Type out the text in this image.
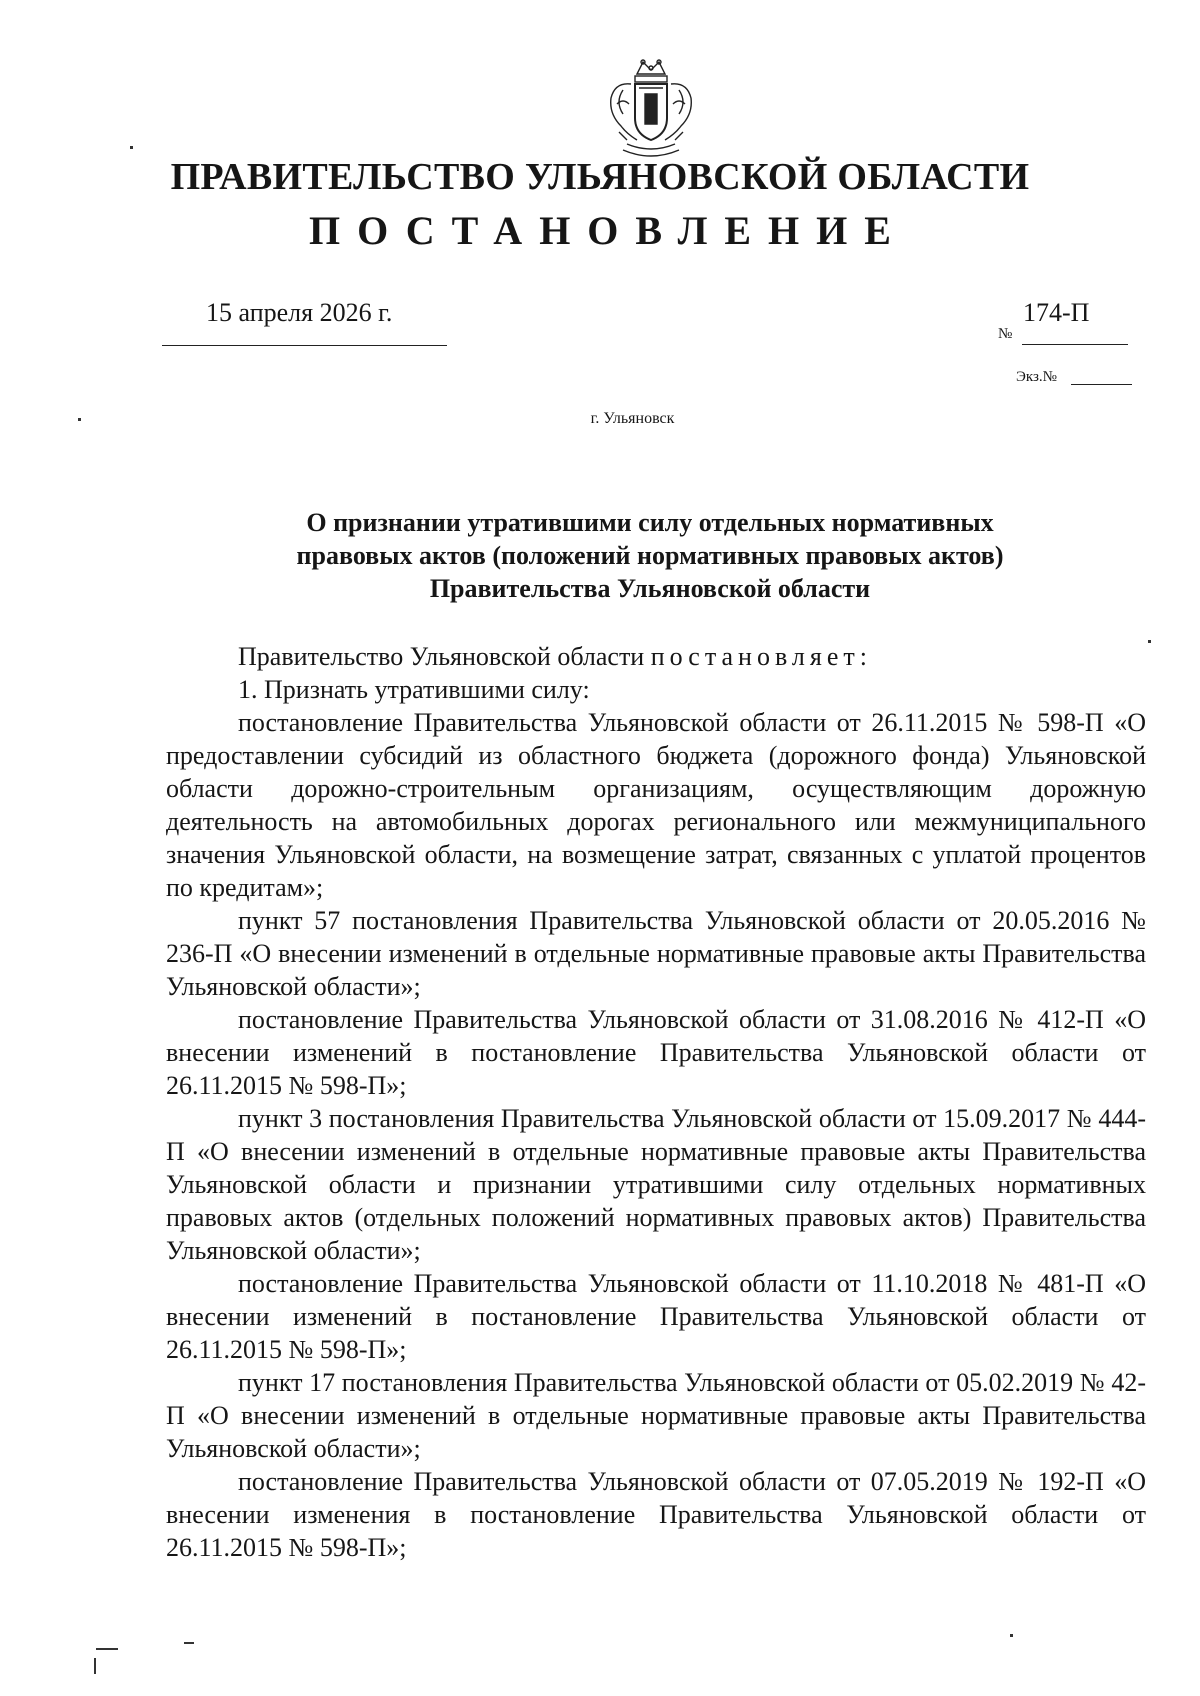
ПРАВИТЕЛЬСТВО УЛЬЯНОВСКОЙ ОБЛАСТИ
ПОСТАНОВЛЕНИЕ
15 апреля 2026 г.	174-П
№
Экз.№
г. Ульяновск
О признании утратившими силу отдельных нормативных
правовых актов (положений нормативных правовых актов)
Правительства Ульяновской области

Правительство Ульяновской области постановляет:

1. Признать утратившими силу:

постановление Правительства Ульяновской области от 26.11.2015 № 598-П «О предоставлении субсидий из областного бюджета (дорожного фонда) Ульяновской области дорожно-строительным организациям, осуществляющим дорожную деятельность на автомобильных дорогах регионального или межмуниципального значения Ульяновской области, на возмещение затрат, связанных с уплатой процентов по кредитам»;

пункт 57 постановления Правительства Ульяновской области от 20.05.2016 № 236-П «О внесении изменений в отдельные нормативные правовые акты Правительства Ульяновской области»;

постановление Правительства Ульяновской области от 31.08.2016 № 412-П «О внесении изменений в постановление Правительства Ульяновской области от 26.11.2015 № 598-П»;

пункт 3 постановления Правительства Ульяновской области от 15.09.2017 № 444-П «О внесении изменений в отдельные нормативные правовые акты Правительства Ульяновской области и признании утратившими силу отдельных нормативных правовых актов (отдельных положений нормативных правовых актов) Правительства Ульяновской области»;

постановление Правительства Ульяновской области от 11.10.2018 № 481-П «О внесении изменений в постановление Правительства Ульяновской области от 26.11.2015 № 598-П»;

пункт 17 постановления Правительства Ульяновской области от 05.02.2019 № 42-П «О внесении изменений в отдельные нормативные правовые акты Правительства Ульяновской области»;

постановление Правительства Ульяновской области от 07.05.2019 № 192-П «О внесении изменения в постановление Правительства Ульяновской области от 26.11.2015 № 598-П»;
